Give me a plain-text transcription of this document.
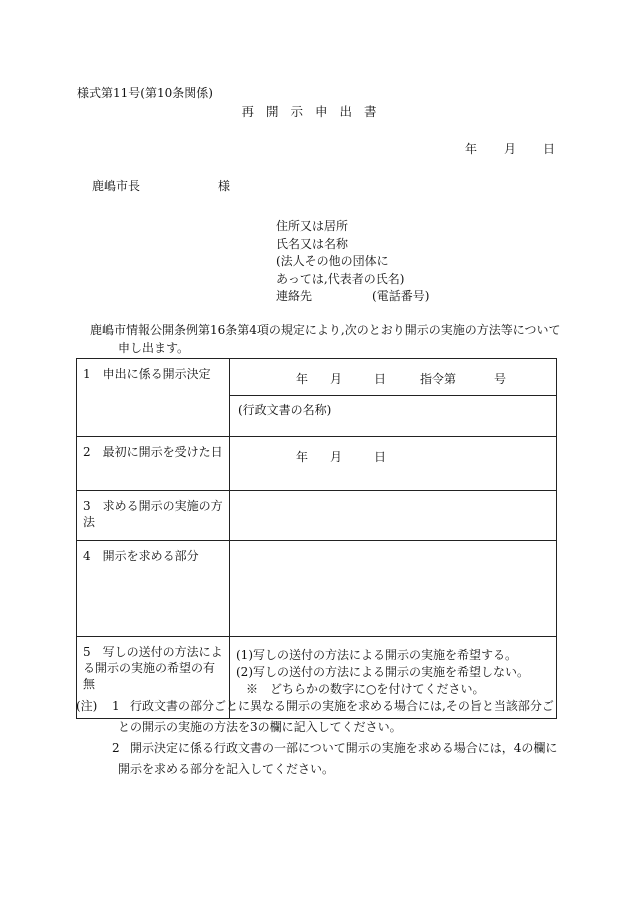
様式第11号(第10条関係)
再開示申出書
年 月 日
鹿嶋市長	様
住所又は居所
氏名又は名称
(法人その他の団体に
あっては,代表者の氏名)
連絡先	(電話番号)
鹿嶋市情報公開条例第16条第4項の規定により,次のとおり開示の実施の方法等について
申し出ます。
1　申出に係る開示決定	年 月 日 指令第 号

	(行政文書の名称)

2　最初に開示を受けた日	年 月 日

3　求める開示の実施の方法	
4　開示を求める部分	
5　写しの送付の方法による開示の実施の希望の有無	(1)写しの送付の方法による開示の実施を希望する。
(2)写しの送付の方法による開示の実施を希望しない。
※　どちらかの数字に○を付けてください。
(注) 1 行政文書の部分ごとに異なる開示の実施を求める場合には,その旨と当該部分ご
との開示の実施の方法を3の欄に記入してください。
2 開示決定に係る行政文書の一部について開示の実施を求める場合には，4の欄に
開示を求める部分を記入してください。
